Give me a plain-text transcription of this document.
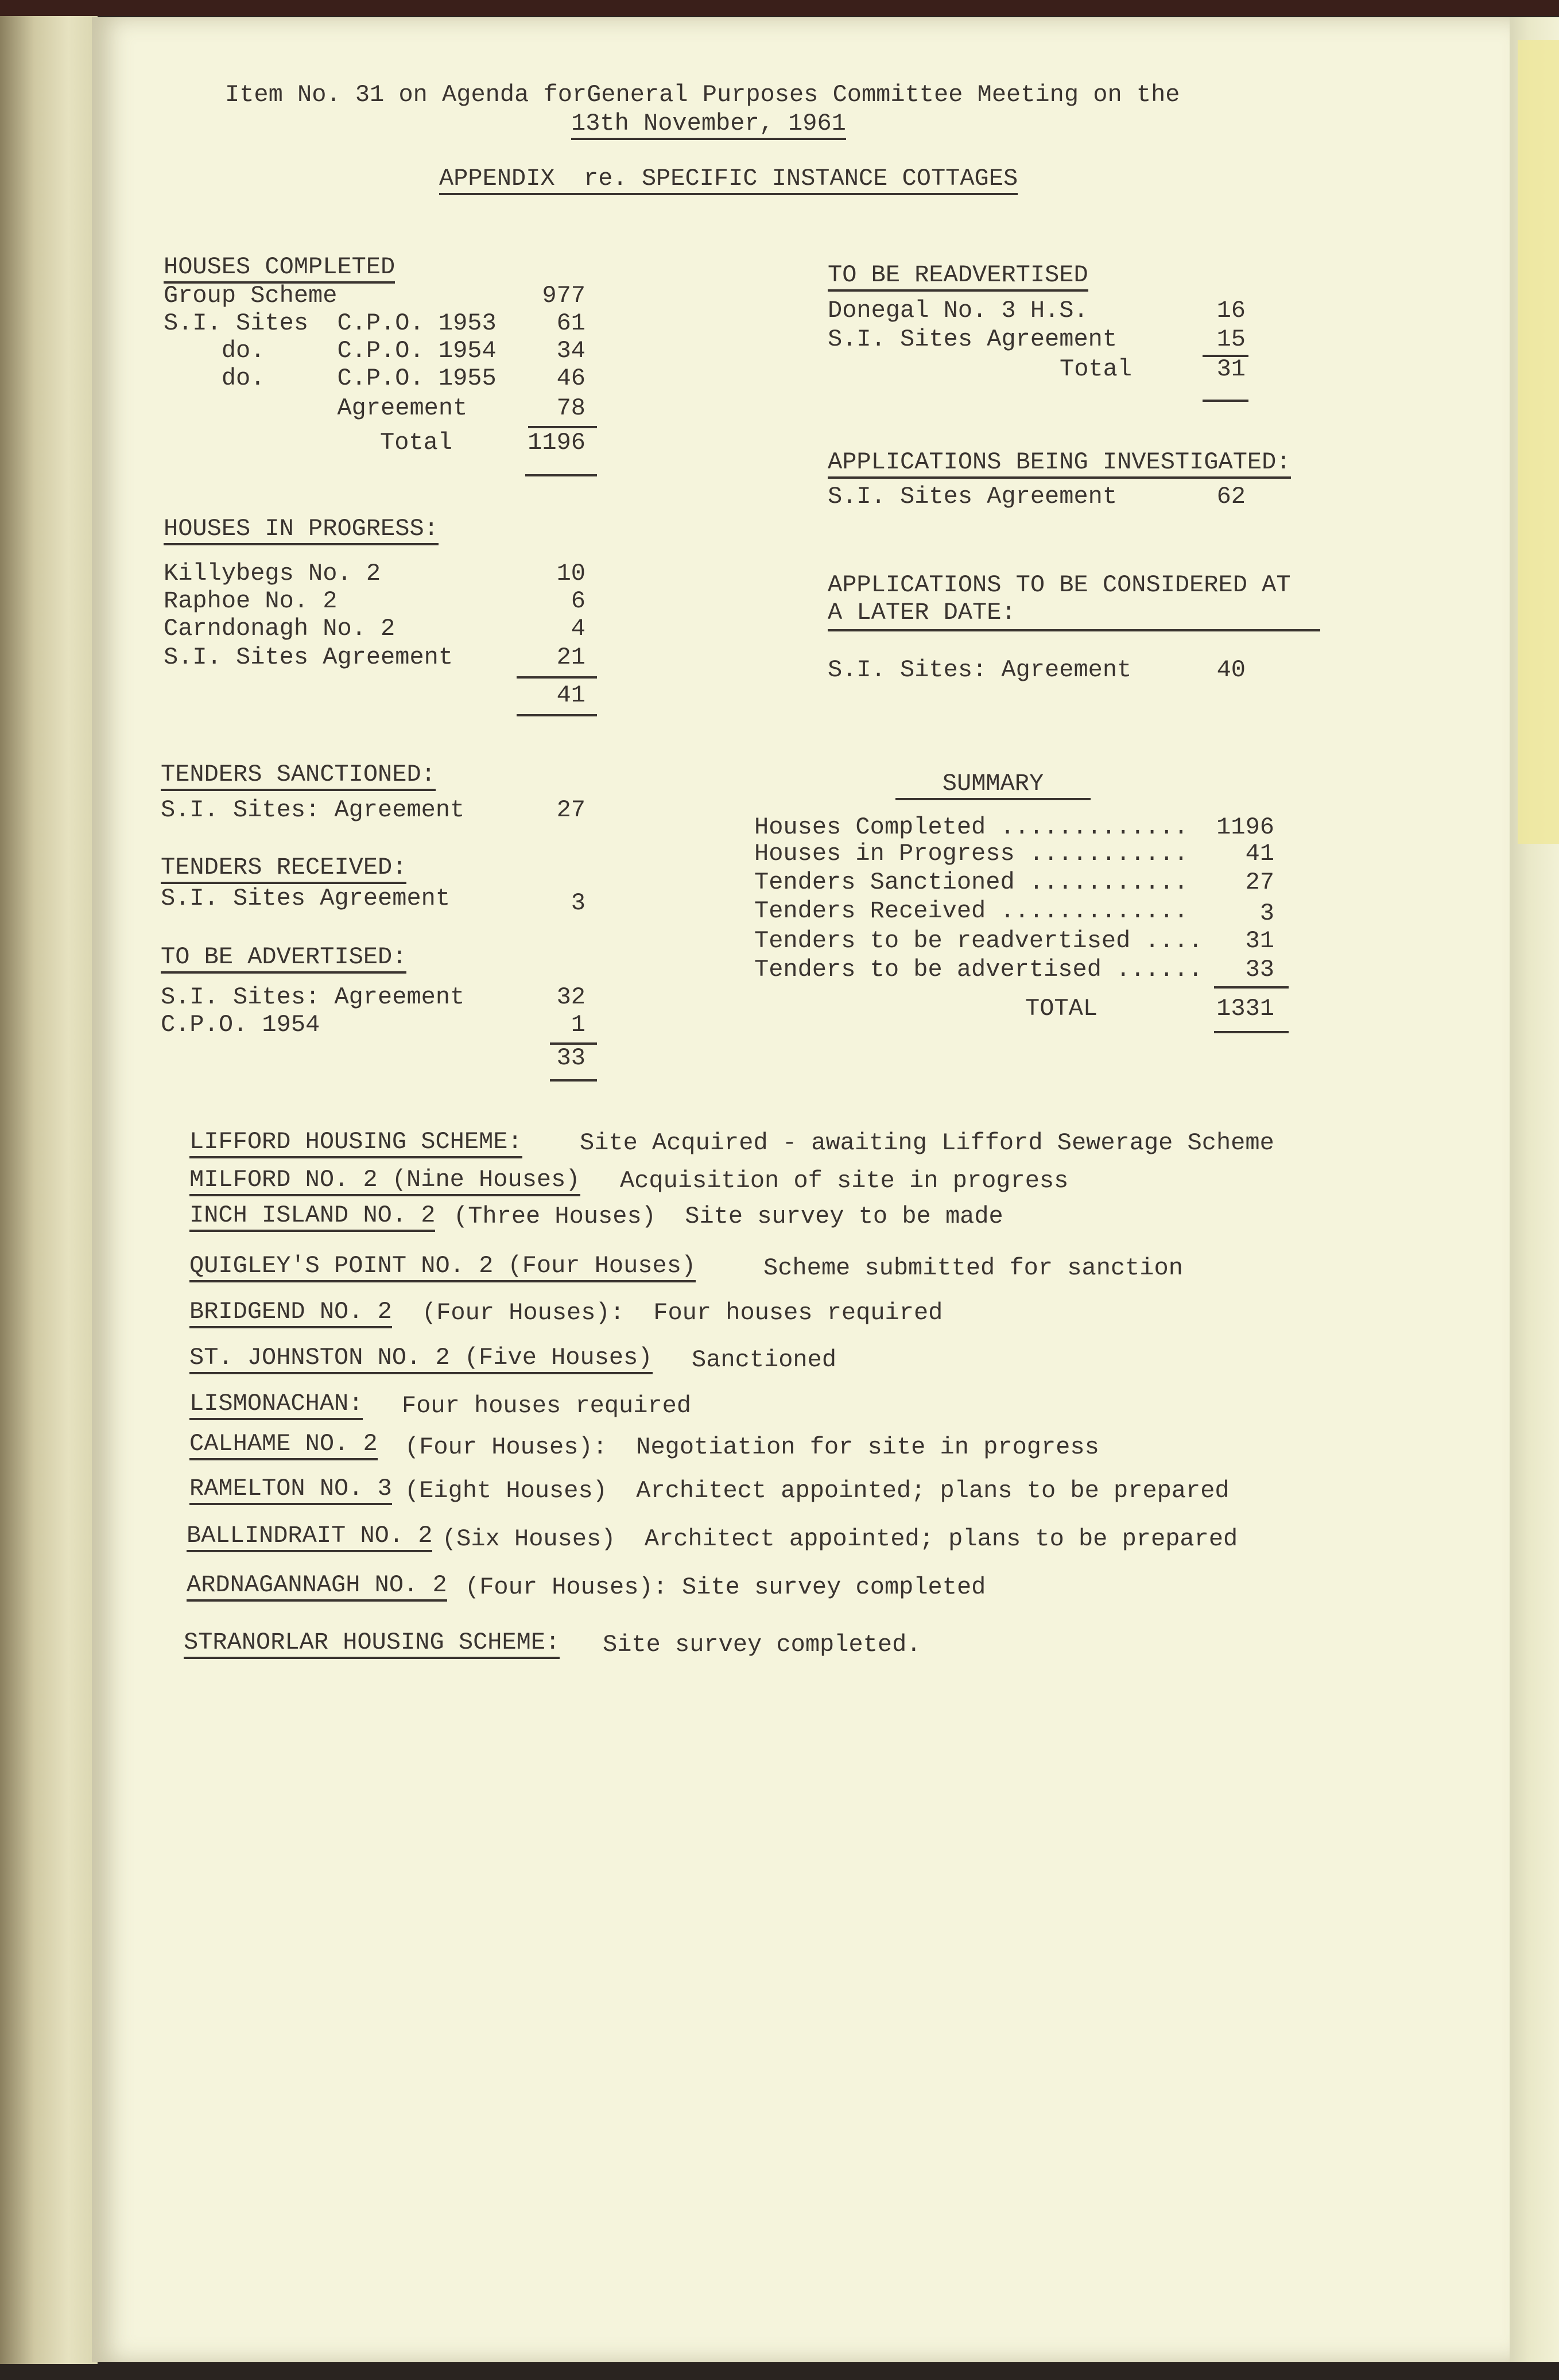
Item No. 31 on Agenda forGeneral Purposes Committee Meeting on the
13th November, 1961
APPENDIX  re. SPECIFIC INSTANCE COTTAGES
HOUSES COMPLETED
Group Scheme	977
S.I. Sites  C.P.O. 1953	61
do.     C.P.O. 1954	34
do.     C.P.O. 1955	46
Agreement	78
Total	1196
HOUSES IN PROGRESS:
Killybegs No. 2	10
Raphoe No. 2	6
Carndonagh No. 2	4
S.I. Sites Agreement	21
41
TENDERS SANCTIONED:
S.I. Sites: Agreement	27
TENDERS RECEIVED:
S.I. Sites Agreement	3
TO BE ADVERTISED:
S.I. Sites: Agreement	32
C.P.O. 1954	1
33
TO BE READVERTISED
Donegal No. 3 H.S.	16
S.I. Sites Agreement	15
Total	31
APPLICATIONS BEING INVESTIGATED:
S.I. Sites Agreement	62
APPLICATIONS TO BE CONSIDERED AT
A LATER DATE:
S.I. Sites: Agreement	40
SUMMARY
Houses Completed .............	1196
Houses in Progress ...........	41
Tenders Sanctioned ...........	27
Tenders Received .............	3
Tenders to be readvertised ....	31
Tenders to be advertised ......	33
TOTAL	1331
LIFFORD HOUSING SCHEME: Site Acquired - awaiting Lifford Sewerage Scheme
MILFORD NO. 2 (Nine Houses) Acquisition of site in progress
INCH ISLAND NO. 2 (Three Houses)  Site survey to be made
QUIGLEY'S POINT NO. 2 (Four Houses)	Scheme submitted for sanction
BRIDGEND NO. 2 (Four Houses):  Four houses required
ST. JOHNSTON NO. 2 (Five Houses) Sanctioned
LISMONACHAN: Four houses required
CALHAME NO. 2 (Four Houses):  Negotiation for site in progress
RAMELTON NO. 3 (Eight Houses)  Architect appointed; plans to be prepared
BALLINDRAIT NO. 2 (Six Houses)  Architect appointed; plans to be prepared
ARDNAGANNAGH NO. 2 (Four Houses): Site survey completed
STRANORLAR HOUSING SCHEME: Site survey completed.
